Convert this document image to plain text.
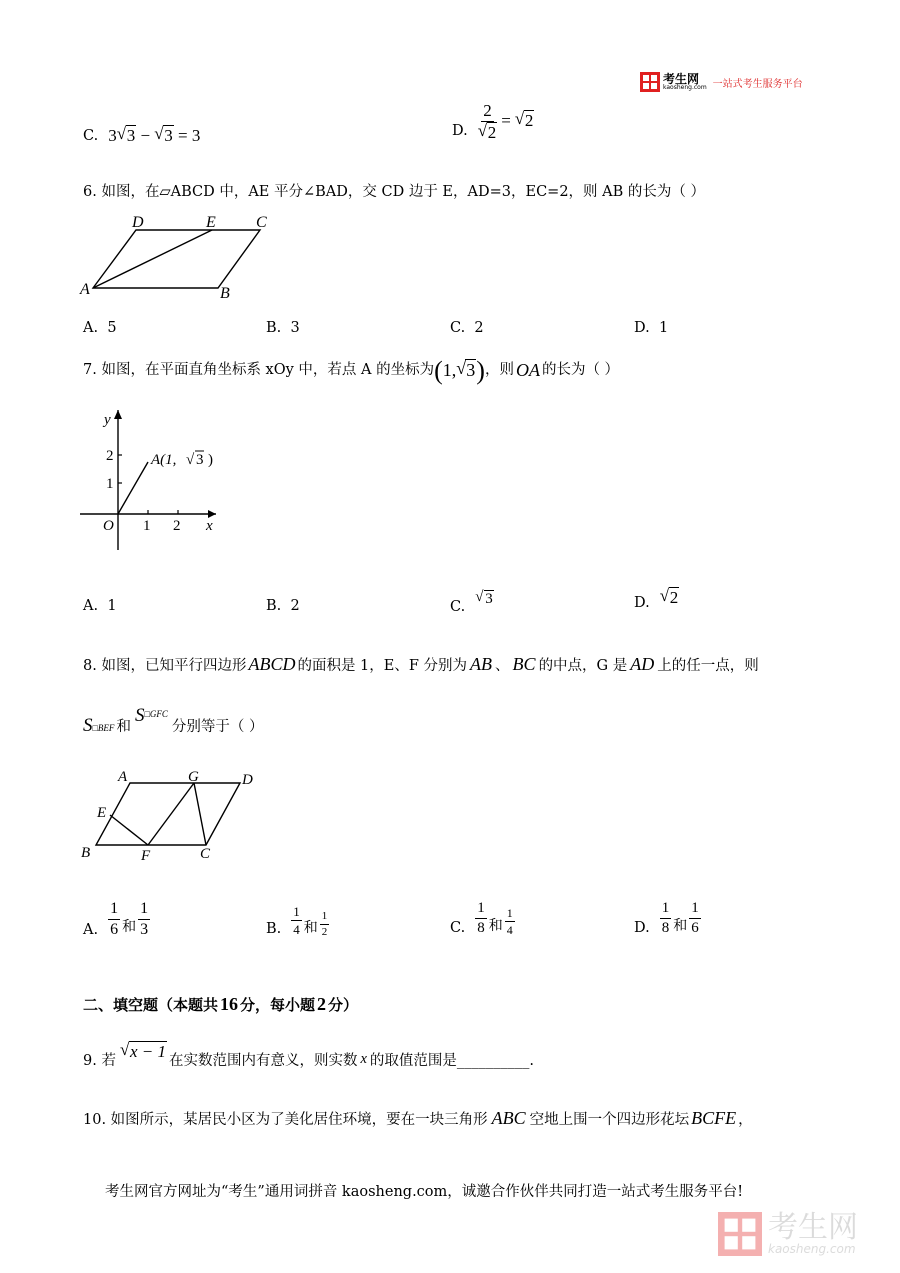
考生网
kaosheng.com 一站式考生服务平台
C. 3 √ 3 − √ 3 = 3	D. 2
√ 2 = √ 2
6. 如图，在▱ABCD 中，AE 平分∠BAD，交 CD 边于 E，AD=3，EC=2，则 AB 的长为（ ）
D	E	C
A	B
A. 5	B. 3	C. 2	D. 1
7. 如图，在平面直角坐标系 xOy 中，若点 A 的坐标为 ( 1, √ 3 ) ，则 OA 的长为（ ）
y
x
O 1 2
1
2	A(1, √ 3 )
A. 1	B. 2	C.	√ 3	D.	√ 2
8. 如图，已知平行四边形 ABCD 的面积是 1，E、F 分别为 AB 、 BC 的中点，G 是 AD 上的任一点，则
S □BEF 和
$S_{□GFC}$
分别等于（ ）
A	G	D
E
B	F	C
A. $\frac{1}{6}$ 和 $\frac{1}{3}$	B. $\frac{1}{4}$ 和 $\frac{1}{2}$	C. $\frac{1}{8}$ 和 $\frac{1}{4}$	D. $\frac{1}{8}$ 和 $\frac{1}{6}$
二、填空题（本题共 16 分，每小题 2 分）
9. 若 √ x − 1 在实数范围内有意义，则实数 x 的取值范围是 __________ .
10. 如图所示，某居民小区为了美化居住环境，要在一块三角形 ABC 空地上围一个四边形花坛 BCFE ，
考生网官方网址为“考生”通用词拼音 kaosheng.com，诚邀合作伙伴共同打造一站式考生服务平台!
考生网
kaosheng.com
